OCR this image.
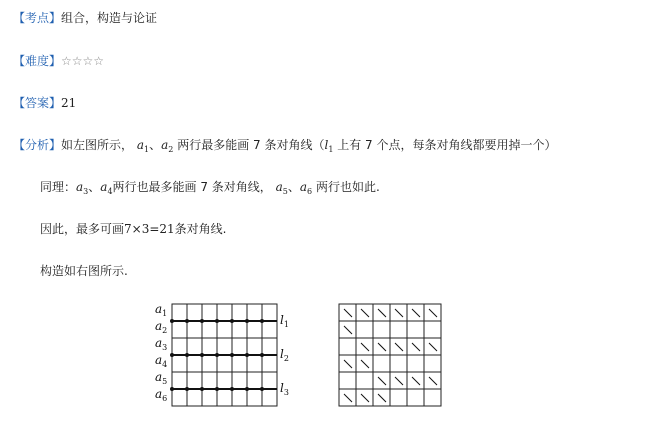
【考点】组合，构造与论证
【难度】☆☆☆☆
【答案】21
【分析】如左图所示， $a_1$、$a_2$ 两行最多能画 7 条对角线（$l_1$ 上有 7 个点，每条对角线都要用掉一个）
同理：$a_3$、$a_4$两行也最多能画 7 条对角线， $a_5$、$a_6$ 两行也如此.
因此，最多可画7×3=21条对角线.
构造如右图所示.
$a_1$
$a_2$
$a_3$
$a_4$
$a_5$
$a_6$
$l_1$
$l_2$
$l_3$
